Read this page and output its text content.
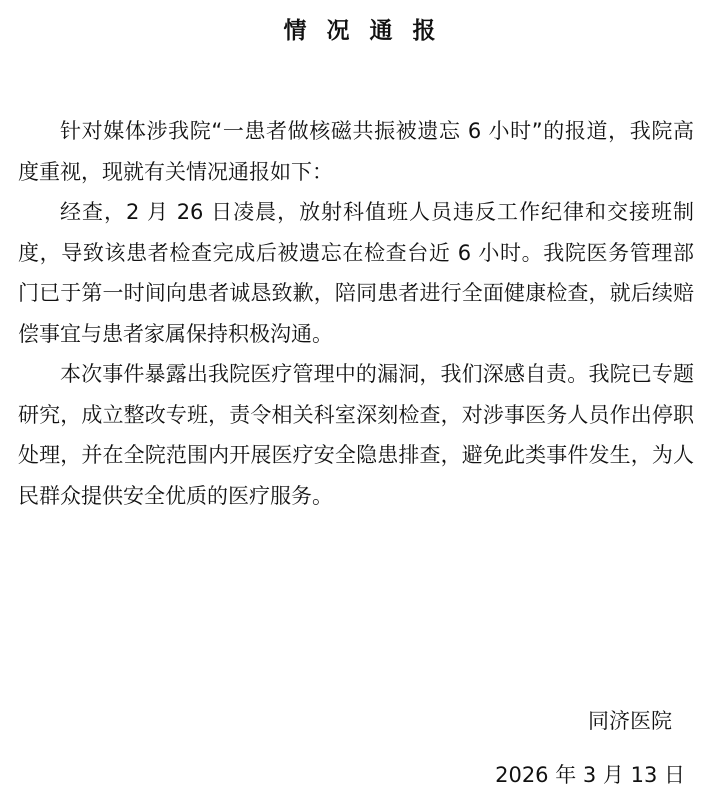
情况通报

针对媒体涉我院“一患者做核磁共振被遗忘 6 小时”的报道，我院高度重视，现就有关情况通报如下：

经查，2 月 26 日凌晨，放射科值班人员违反工作纪律和交接班制度，导致该患者检查完成后被遗忘在检查台近 6 小时。我院医务管理部门已于第一时间向患者诚恳致歉，陪同患者进行全面健康检查，就后续赔偿事宜与患者家属保持积极沟通。

本次事件暴露出我院医疗管理中的漏洞，我们深感自责。我院已专题研究，成立整改专班，责令相关科室深刻检查，对涉事医务人员作出停职处理，并在全院范围内开展医疗安全隐患排查，避免此类事件发生，为人民群众提供安全优质的医疗服务。

同济医院
2026 年 3 月 13 日
